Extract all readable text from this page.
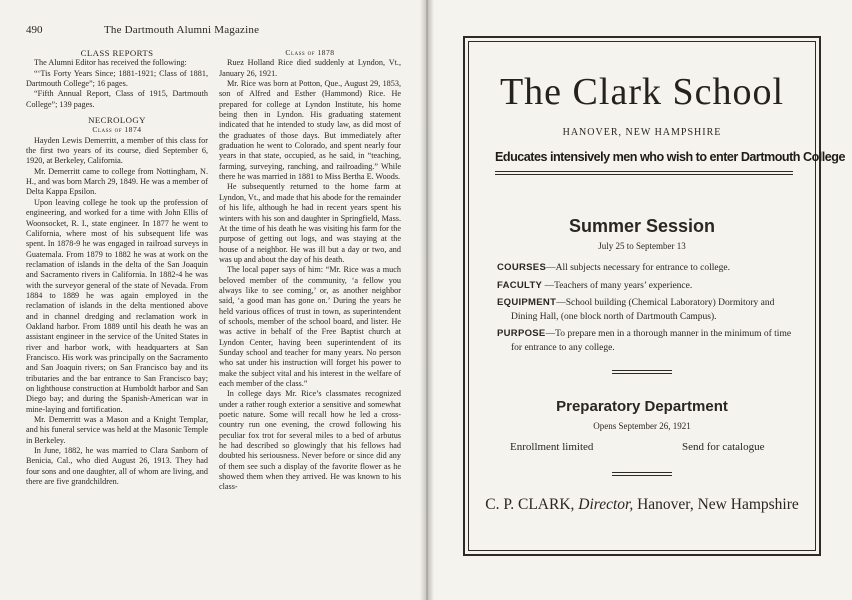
490	The Dartmouth Alumni Magazine

CLASS REPORTS

The Alumni Editor has received the following:

“‘Tis Forty Years Since; 1881-1921; Class of 1881, Dartmouth College”; 16 pages.

“Fifth Annual Report, Class of 1915, Dartmouth College”; 139 pages.

NECROLOGY

Class of 1874

Hayden Lewis Demerritt, a member of this class for the first two years of its course, died September 6, 1920, at Berkeley, California.

Mr. Demerritt came to college from Nottingham, N. H., and was born March 29, 1849. He was a member of Delta Kappa Epsilon.

Upon leaving college he took up the profession of engineering, and worked for a time with John Ellis of Woonsocket, R. I., state engineer. In 1877 he went to California, where most of his subsequent life was spent. In 1878-9 he was engaged in railroad surveys in Guatemala. From 1879 to 1882 he was at work on the reclamation of islands in the delta of the San Joaquin and Sacramento rivers in California. In 1882-4 he was with the surveyor general of the state of Nevada. From 1884 to 1889 he was again employed in the reclamation of islands in the delta mentioned above and in channel dredging and reclamation work in Oakland harbor. From 1889 until his death he was an assistant engineer in the service of the United States in river and harbor work, with headquarters at San Francisco. His work was principally on the Sacramento and San Joaquin rivers; on San Francisco bay and its tributaries and the bar entrance to San Francisco bay; on lighthouse construction at Humboldt harbor and San Diego bay; and during the Spanish-American war in mine-laying and fortification.

Mr. Demerritt was a Mason and a Knight Templar, and his funeral service was held at the Masonic Temple in Berkeley.

In June, 1882, he was married to Clara Sanborn of Benicia, Cal., who died August 26, 1913. They had four sons and one daughter, all of whom are living, and there are five grandchildren.

Class of 1878

Ruez Holland Rice died suddenly at Lyndon, Vt., January 26, 1921.

Mr. Rice was born at Potton, Que., August 29, 1853, son of Alfred and Esther (Hammond) Rice. He prepared for college at Lyndon Institute, his home being then in Lyndon. His graduating statement indicated that he intended to study law, as did most of the graduates of those days. But immediately after graduation he went to Colorado, and spent nearly four years in that state, occupied, as he said, in “teaching, farming, surveying, ranching, and railroading.” While there he was married in 1881 to Miss Bertha E. Woods.

He subsequently returned to the home farm at Lyndon, Vt., and made that his abode for the remainder of his life, although he had in recent years spent his winters with his son and daughter in Springfield, Mass. At the time of his death he was visiting his farm for the purpose of getting out logs, and was staying at the house of a neighbor. He was ill but a day or two, and was up and about the day of his death.

The local paper says of him: “Mr. Rice was a much beloved member of the community, ‘a fellow you always like to see coming,’ or, as another neighbor said, ‘a good man has gone on.’ During the years he held various offices of trust in town, as superintendent of schools, member of the school board, and lister. He was active in behalf of the Free Baptist church at Lyndon Center, having been superintendent of its Sunday school and teacher for many years. No person who sat under his instruction will forget his power to make the subject vital and his interest in the welfare of each member of the class.”

In college days Mr. Rice’s classmates recognized under a rather rough exterior a sensitive and somewhat poetic nature. Some will recall how he led a cross-country run one evening, the crowd following his peculiar fox trot for several miles to a bed of arbutus he had described so glowingly that his fellows had doubted his seriousness. Never before or since did any of them see such a display of the favorite flower as he showed them when they arrived. He was known to his class-

The Clark School
HANOVER, NEW HAMPSHIRE
Educates intensively men who wish to enter Dartmouth College
Summer Session
July 25 to September 13
COURSES—All subjects necessary for entrance to college.
FACULTY —Teachers of many years’ experience.
EQUIPMENT—School building (Chemical Laboratory) Dormitory and Dining Hall, (one block north of Dartmouth Campus).
PURPOSE—To prepare men in a thorough manner in the minimum of time for entrance to any college.
Preparatory Department
Opens September 26, 1921
Enrollment limited	Send for catalogue
C. P. CLARK, Director, Hanover, New Hampshire
